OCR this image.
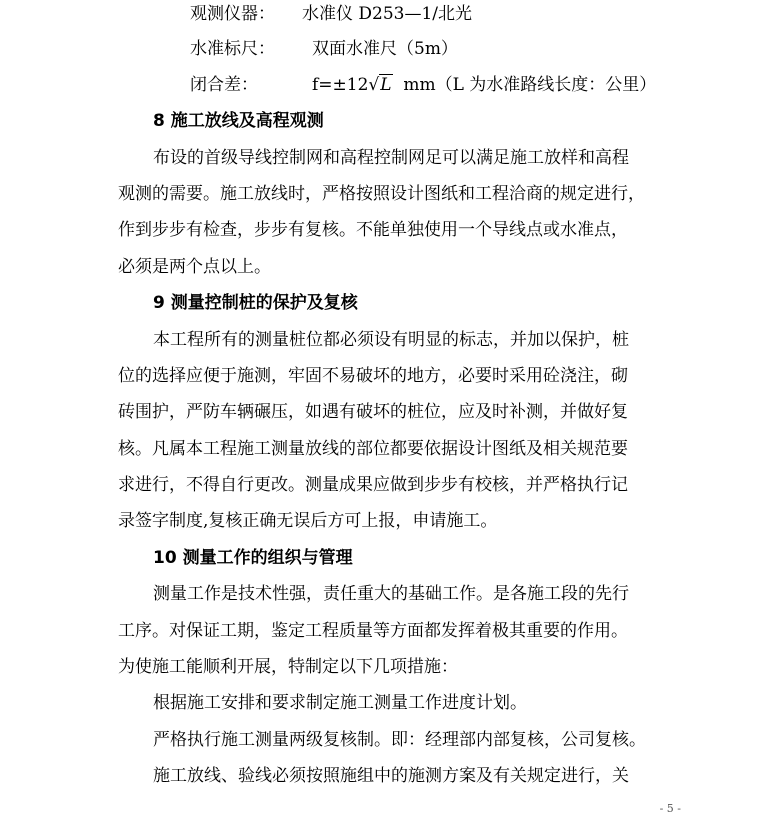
观测仪器： 水准仪 D253—1/北光
水准标尺： 双面水准尺（5m）
闭合差：	f=±12√L mm（L 为水准路线长度：公里）
8 施工放线及高程观测
布设的首级导线控制网和高程控制网足可以满足施工放样和高程
观测的需要。施工放线时，严格按照设计图纸和工程洽商的规定进行，
作到步步有检查，步步有复核。不能单独使用一个导线点或水准点，
必须是两个点以上。
9 测量控制桩的保护及复核
本工程所有的测量桩位都必须设有明显的标志，并加以保护，桩
位的选择应便于施测，牢固不易破坏的地方，必要时采用砼浇注，砌
砖围护，严防车辆碾压，如遇有破坏的桩位，应及时补测，并做好复
核。凡属本工程施工测量放线的部位都要依据设计图纸及相关规范要
求进行，不得自行更改。测量成果应做到步步有校核，并严格执行记
录签字制度,复核正确无误后方可上报，申请施工。
10 测量工作的组织与管理
测量工作是技术性强，责任重大的基础工作。是各施工段的先行
工序。对保证工期，鉴定工程质量等方面都发挥着极其重要的作用。
为使施工能顺利开展，特制定以下几项措施：
根据施工安排和要求制定施工测量工作进度计划。
严格执行施工测量两级复核制。即：经理部内部复核，公司复核。
施工放线、验线必须按照施组中的施测方案及有关规定进行，关
- 5 -
